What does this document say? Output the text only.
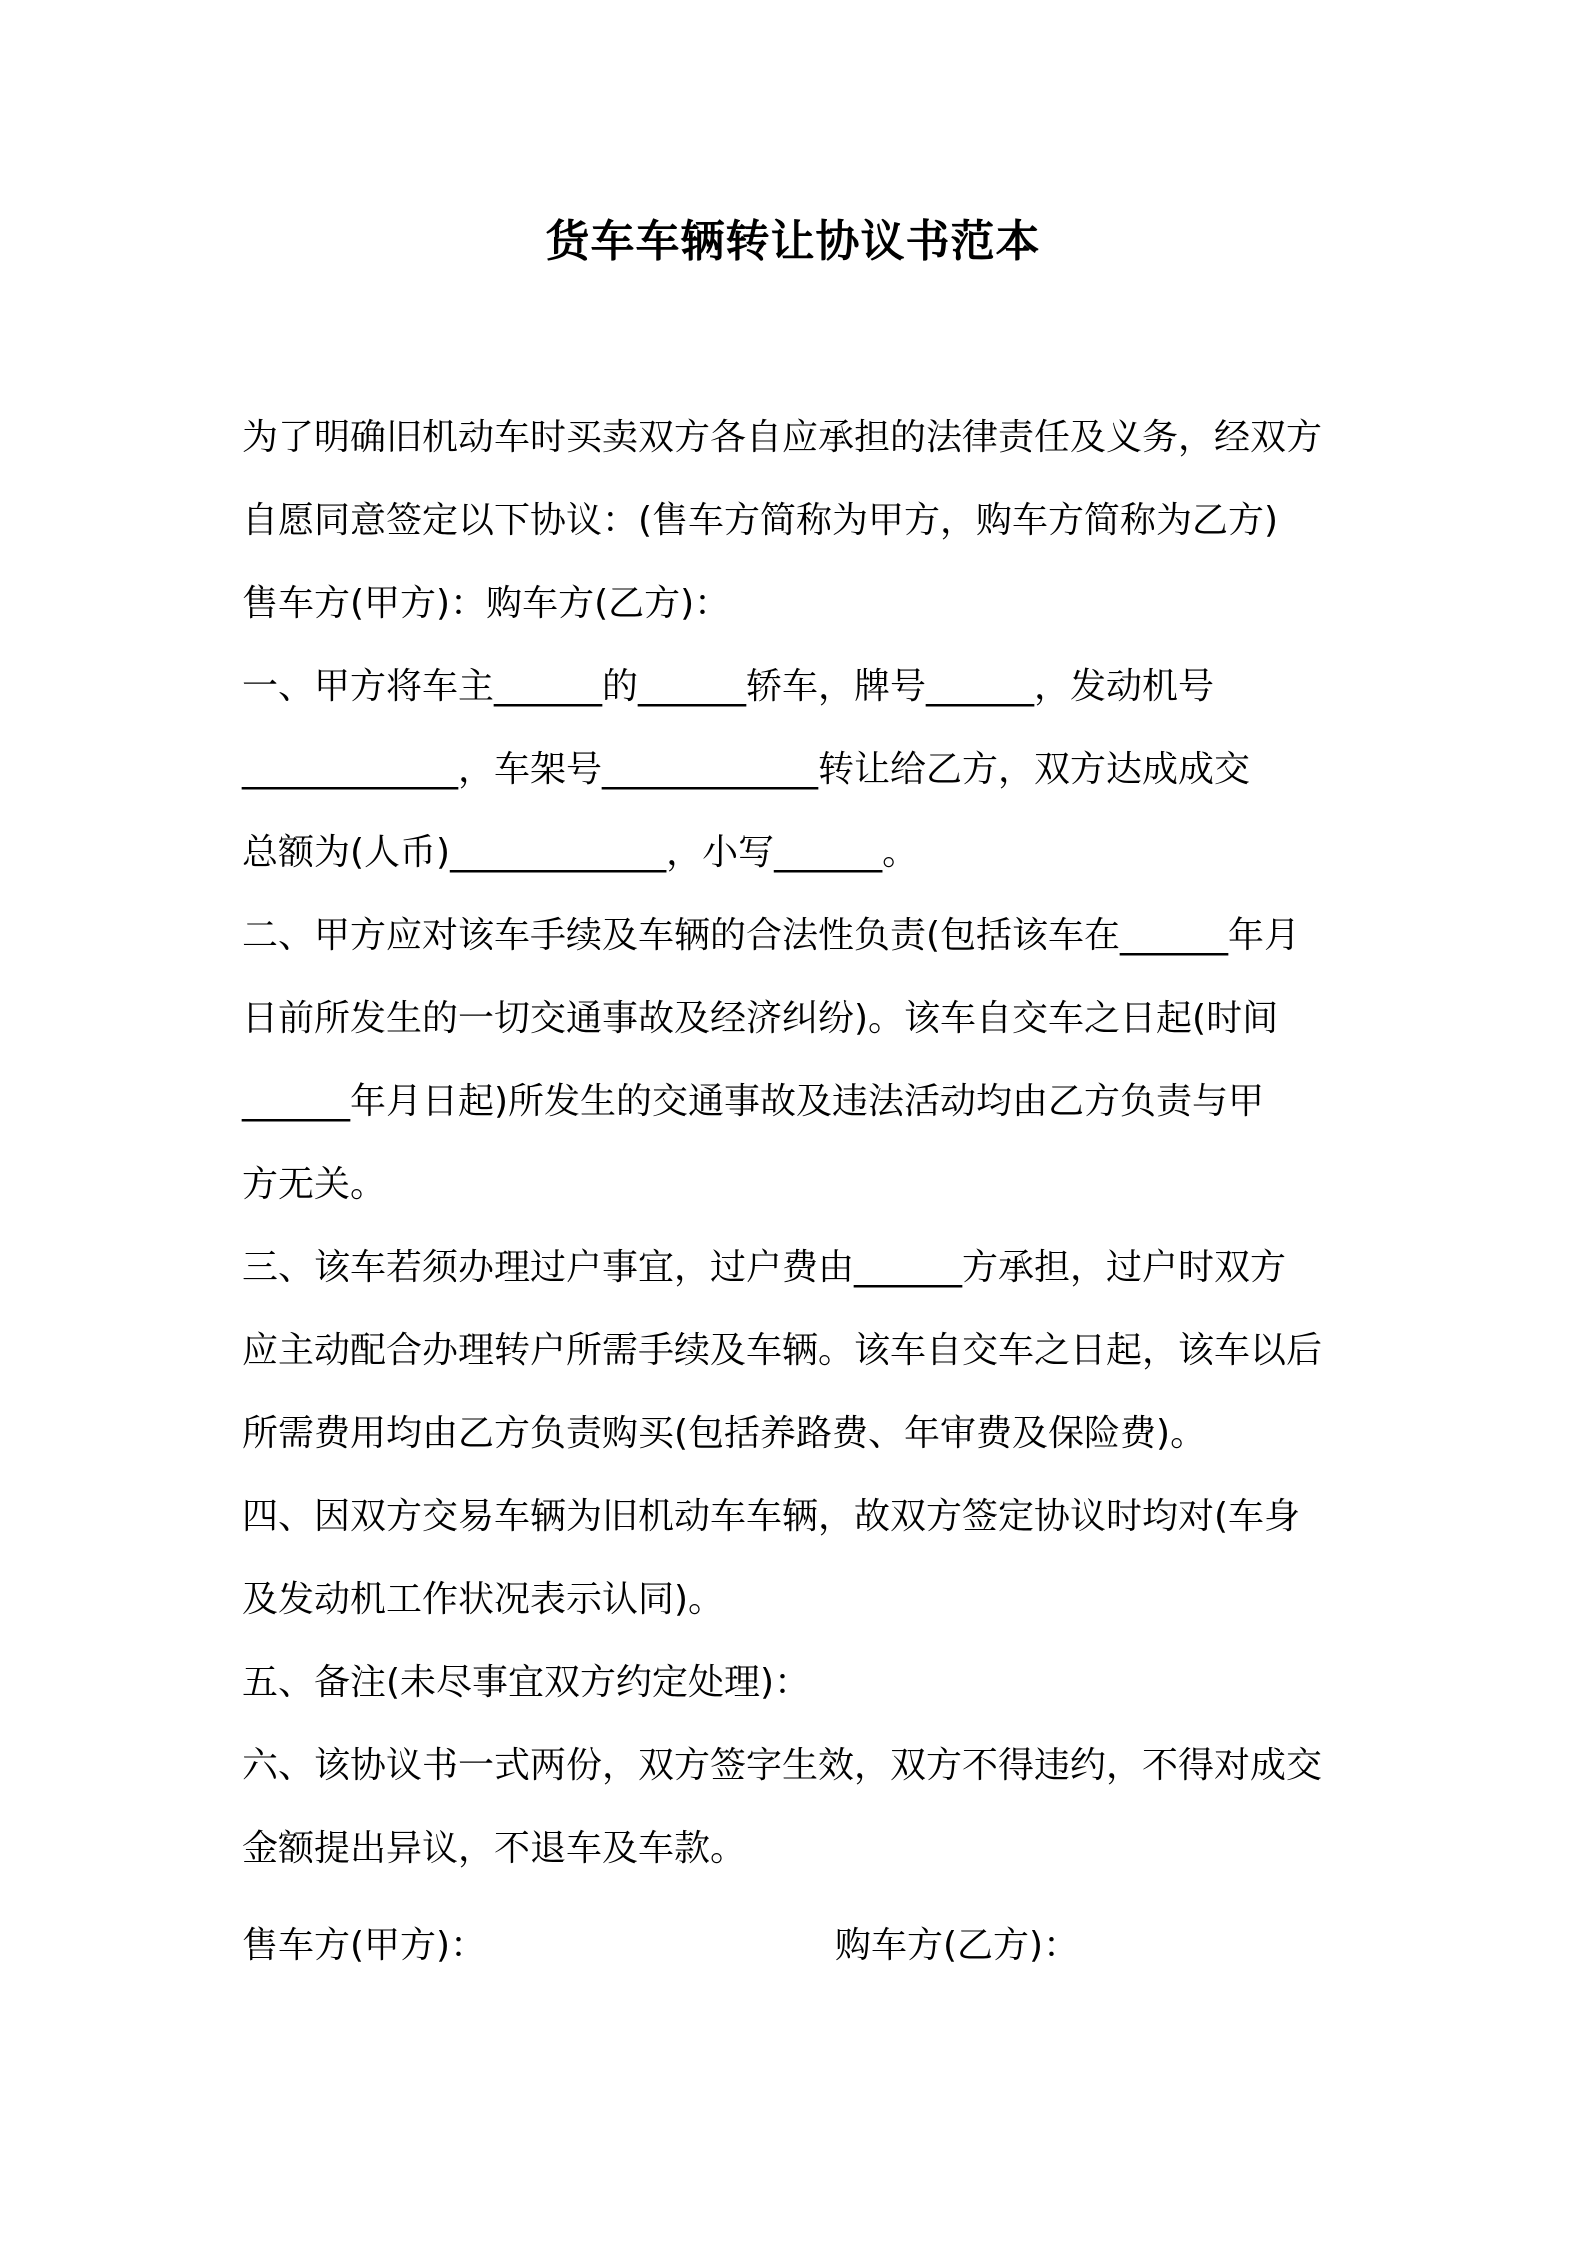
货车车辆转让协议书范本
为了明确旧机动车时买卖双方各自应承担的法律责任及义务，经双方
自愿同意签定以下协议：(售车方简称为甲方，购车方简称为乙方)
售车方(甲方)：购车方(乙方)：
一、甲方将车主______的______轿车，牌号______，发动机号
____________，车架号____________转让给乙方，双方达成成交
总额为(人币)____________，小写______。
二、甲方应对该车手续及车辆的合法性负责(包括该车在______年月
日前所发生的一切交通事故及经济纠纷)。该车自交车之日起(时间
______年月日起)所发生的交通事故及违法活动均由乙方负责与甲
方无关。
三、该车若须办理过户事宜，过户费由______方承担，过户时双方
应主动配合办理转户所需手续及车辆。该车自交车之日起，该车以后
所需费用均由乙方负责购买(包括养路费、年审费及保险费)。
四、因双方交易车辆为旧机动车车辆，故双方签定协议时均对(车身
及发动机工作状况表示认同)。
五、备注(未尽事宜双方约定处理)：
六、该协议书一式两份，双方签字生效，双方不得违约，不得对成交
金额提出异议，不退车及车款。
售车方(甲方)：	购车方(乙方)：
